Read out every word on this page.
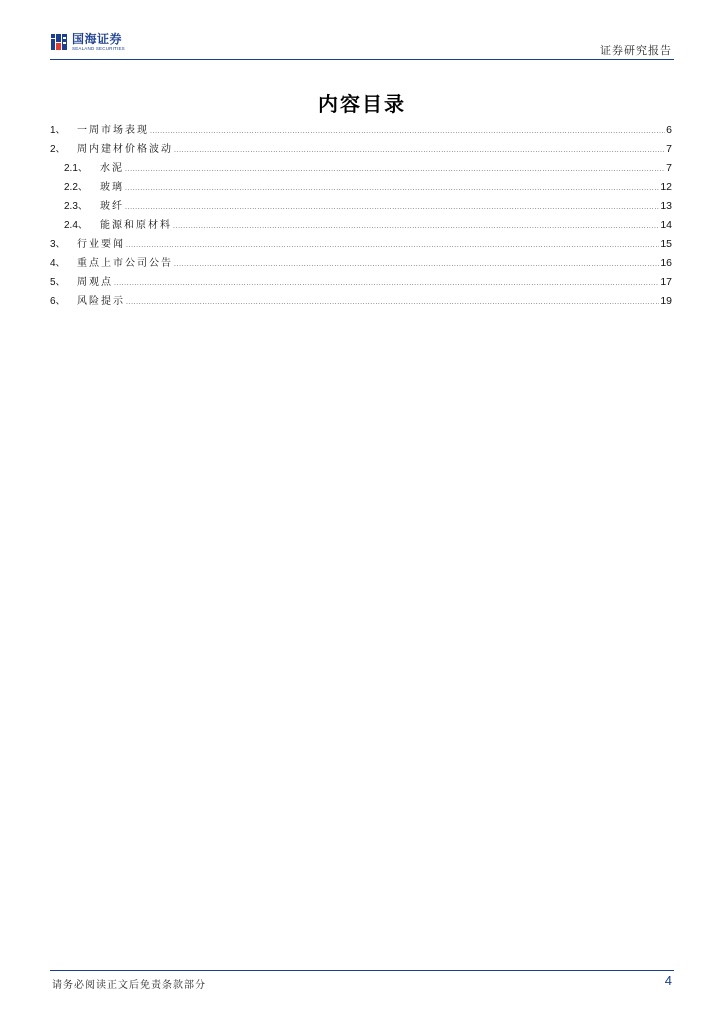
国海证券
SEALAND SECURITIES	证券研究报告
内容目录
1、	一周市场表现 .....	6
2、	周内建材价格波动 .....	7
2.1、	水泥 .....	7
2.2、	玻璃 .....	12
2.3、	玻纤 .....	13
2.4、	能源和原材料 .....	14
3、	行业要闻 .....	15
4、	重点上市公司公告 .....	16
5、	周观点 .....	17
6、	风险提示 .....	19
请务必阅读正文后免责条款部分	4
